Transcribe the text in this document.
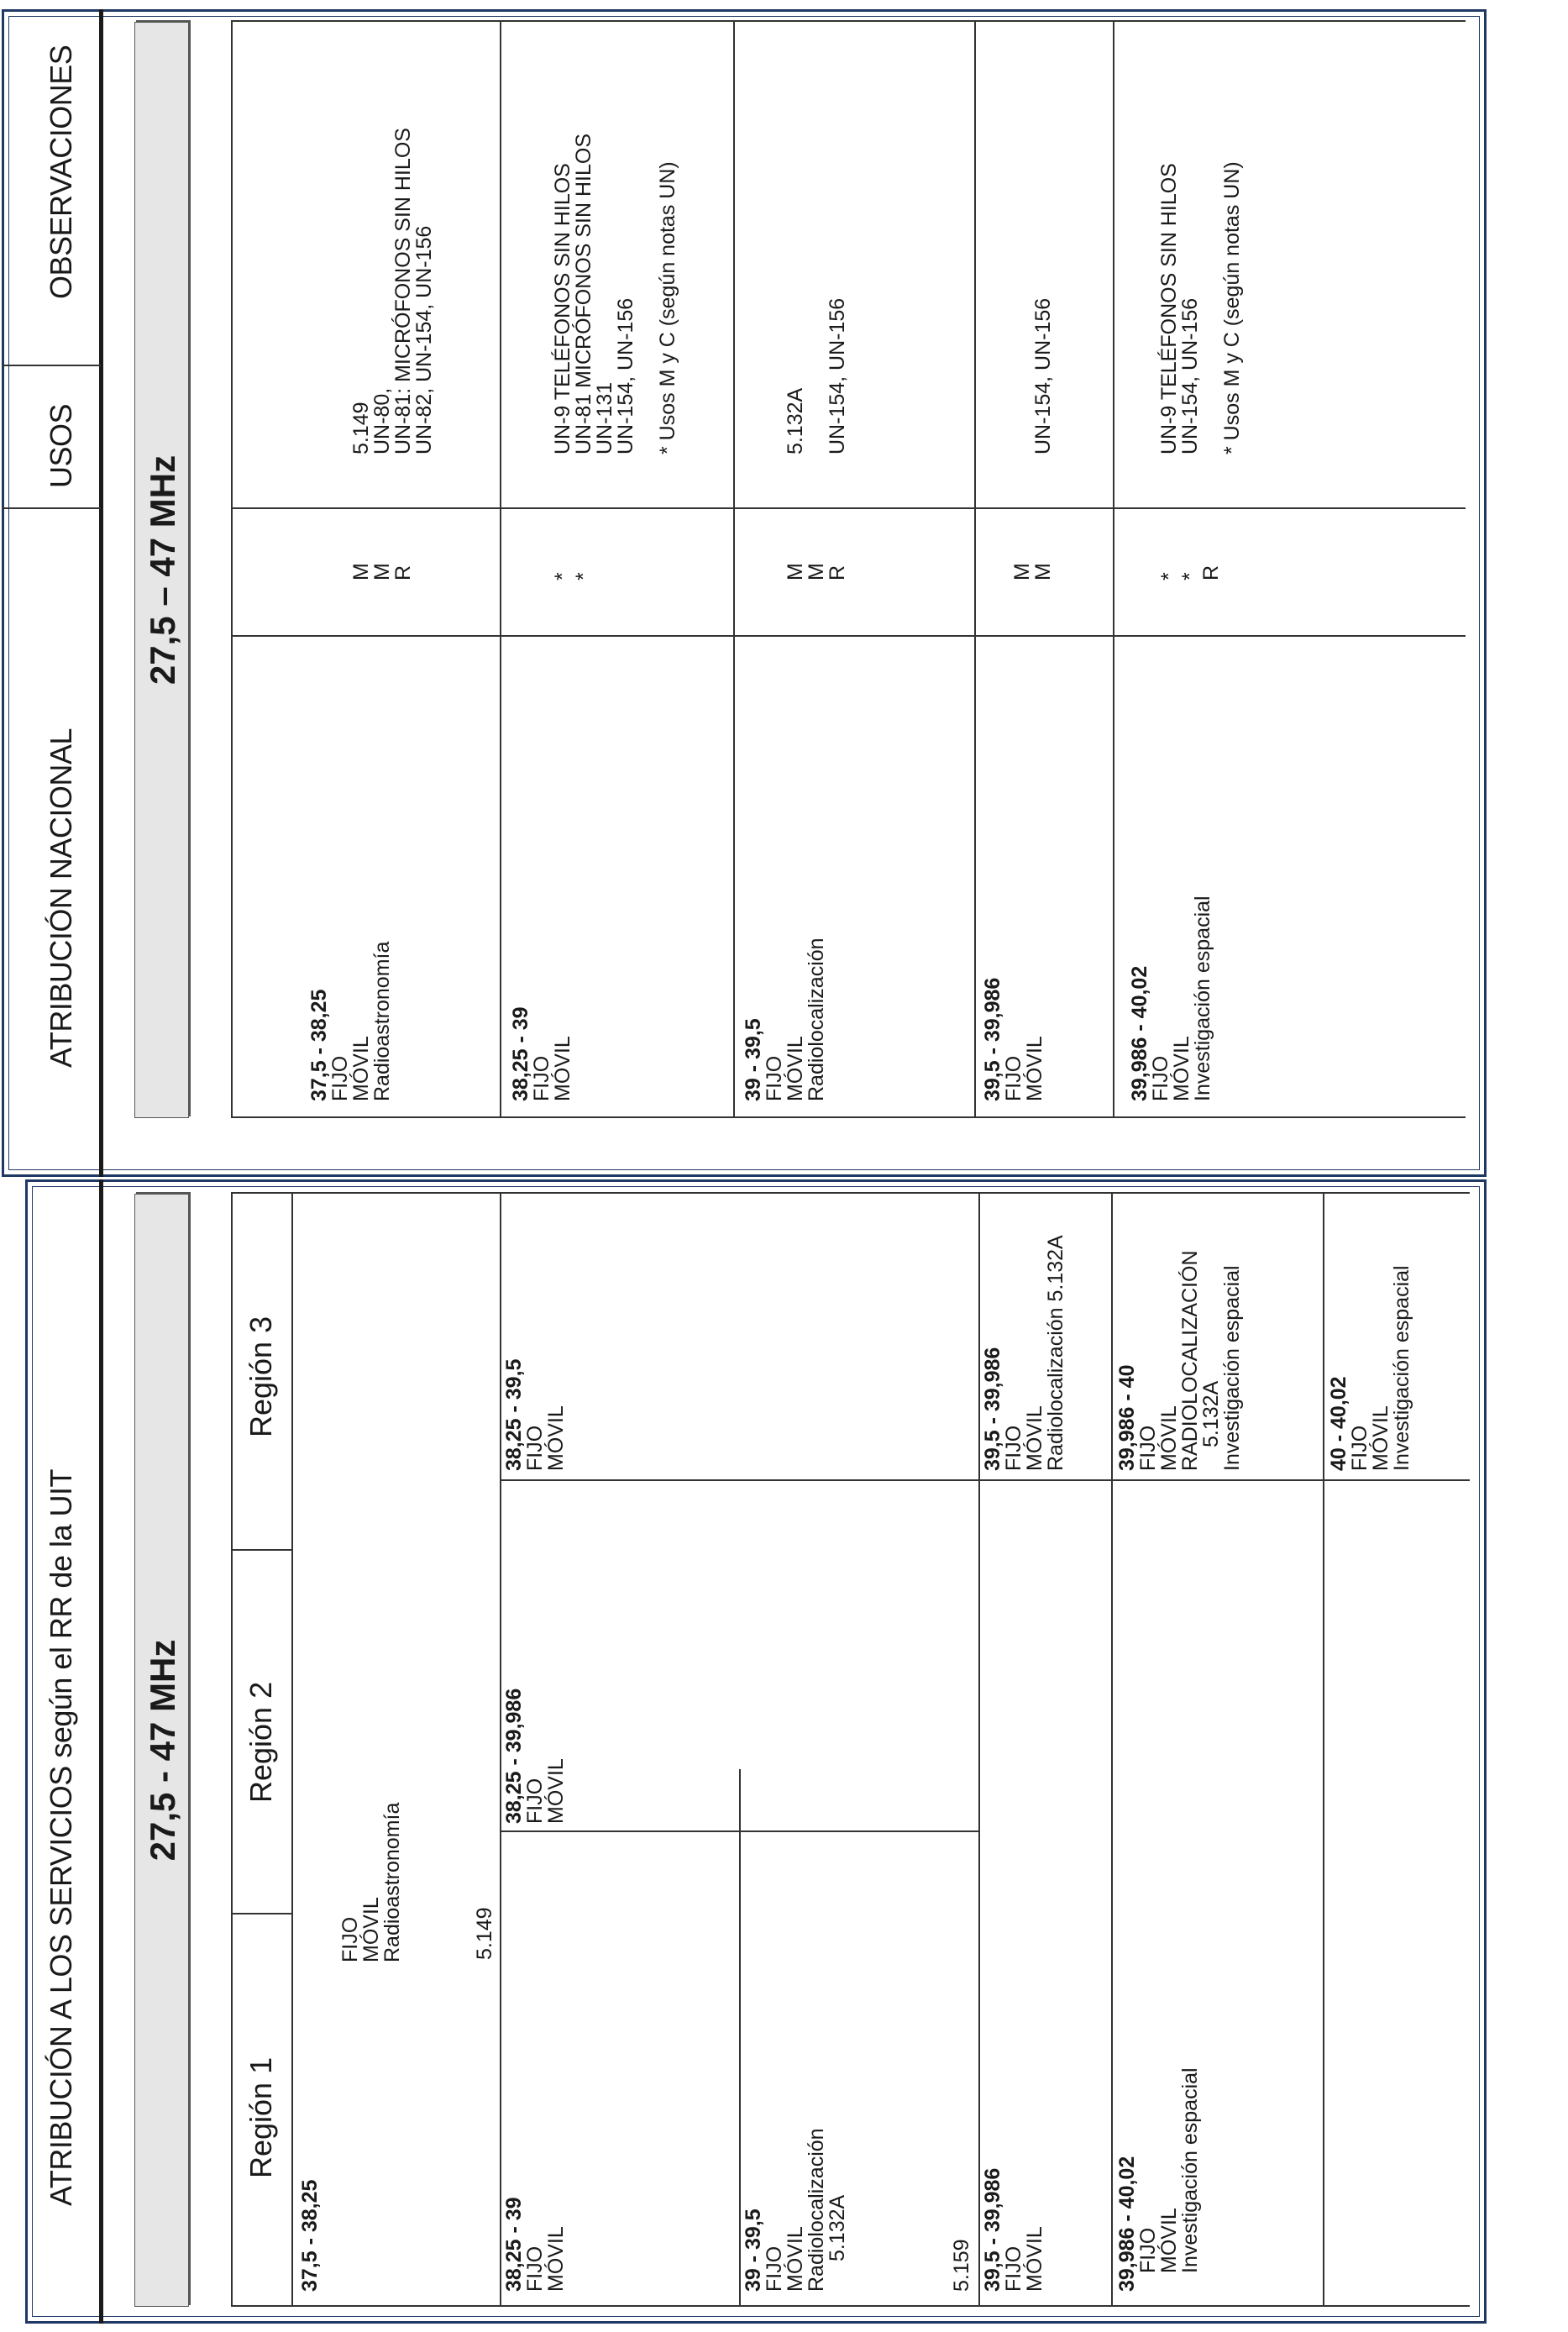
ATRIBUCIÓN A LOS SERVICIOS según el RR de la UIT 27,5 - 47 MHz
Región 1
Región 2
Región 3
37,5 - 38,25
FIJO
MÓVIL
Radioastronomía	5.149
38,25 - 39
FIJO
MÓVIL
38,25 - 39,986
FIJO
MÓVIL
38,25 - 39,5
FIJO
MÓVIL
39 - 39,5
FIJO
MÓVIL
Radiolocalización
5.132A
5.159 39,5 - 39,986
FIJO
MÓVIL
39,5 - 39,986
FIJO
MÓVIL
Radiolocalización 5.132A
39,986 - 40,02
FIJO
MÓVIL
Investigación espacial
39,986 - 40
FIJO
MÓVIL
RADIOLOCALIZACIÓN
5.132A
Investigación espacial	40 - 40,02
FIJO
MÓVIL
Investigación espacial
ATRIBUCIÓN NACIONAL
USOS
OBSERVACIONES
27,5 – 47 MHz
37,5 - 38,25
FIJO
MÓVIL
Radioastronomía
M
M
R
5.149
UN-80,
UN-81: MICRÓFONOS SIN HILOS
UN-82, UN-154, UN-156
38,25 - 39
FIJO
MÓVIL
*
*
UN-9 TELÉFONOS SIN HILOS
UN-81 MICRÓFONOS SIN HILOS
UN-131
UN-154, UN-156 * Usos M y C (según notas UN)
39 - 39,5
FIJO
MÓVIL
Radiolocalización
M
M
R
5.132A UN-154, UN-156
39,5 - 39,986
FIJO
MÓVIL
M
M
UN-154, UN-156
39,986 - 40,02
FIJO
MÓVIL
Investigación espacial
*
*
R
UN-9 TELÉFONOS SIN HILOS
UN-154, UN-156 * Usos M y C (según notas UN)
